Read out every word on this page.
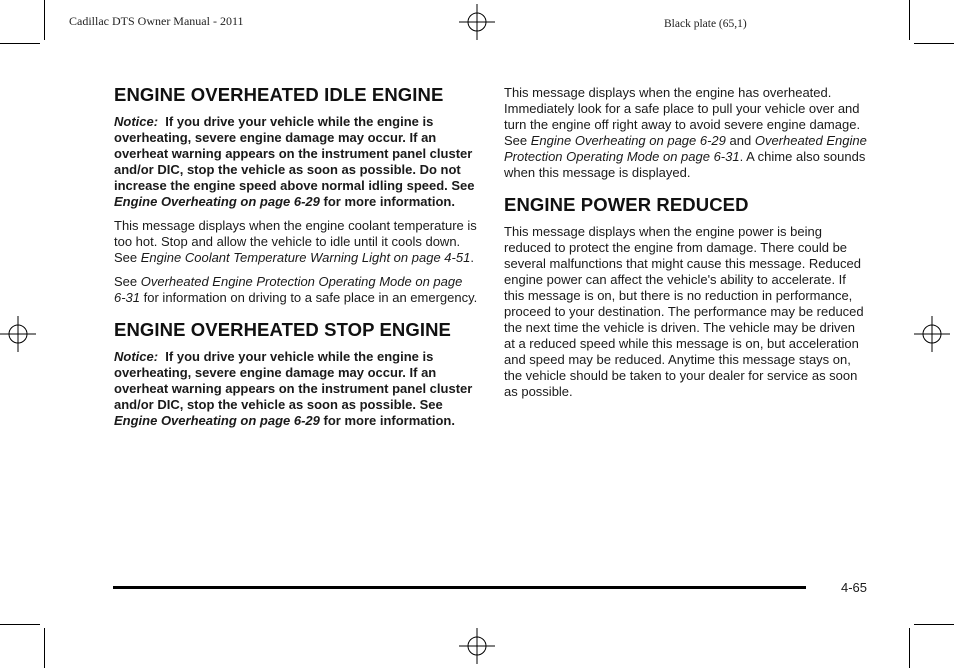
Cadillac DTS Owner Manual - 2011	Black plate (65,1)
ENGINE OVERHEATED IDLE ENGINE

Notice: If you drive your vehicle while the engine is overheating, severe engine damage may occur. If an overheat warning appears on the instrument panel cluster and/or DIC, stop the vehicle as soon as possible. Do not increase the engine speed above normal idling speed. See Engine Overheating on page 6‑29 for more information.

This message displays when the engine coolant temperature is too hot. Stop and allow the vehicle to idle until it cools down. See Engine Coolant Temperature Warning Light on page 4‑51.

See Overheated Engine Protection Operating Mode on page 6‑31 for information on driving to a safe place in an emergency.

ENGINE OVERHEATED STOP ENGINE

Notice: If you drive your vehicle while the engine is overheating, severe engine damage may occur. If an overheat warning appears on the instrument panel cluster and/or DIC, stop the vehicle as soon as possible. See Engine Overheating on page 6‑29 for more information.

This message displays when the engine has overheated. Immediately look for a safe place to pull your vehicle over and turn the engine off right away to avoid severe engine damage. See Engine Overheating on page 6‑29 and Overheated Engine Protection Operating Mode on page 6‑31. A chime also sounds when this message is displayed.

ENGINE POWER REDUCED

This message displays when the engine power is being reduced to protect the engine from damage. There could be several malfunctions that might cause this message. Reduced engine power can affect the vehicle's ability to accelerate. If this message is on, but there is no reduction in performance, proceed to your destination. The performance may be reduced the next time the vehicle is driven. The vehicle may be driven at a reduced speed while this message is on, but acceleration and speed may be reduced. Anytime this message stays on, the vehicle should be taken to your dealer for service as soon as possible.

4-65
